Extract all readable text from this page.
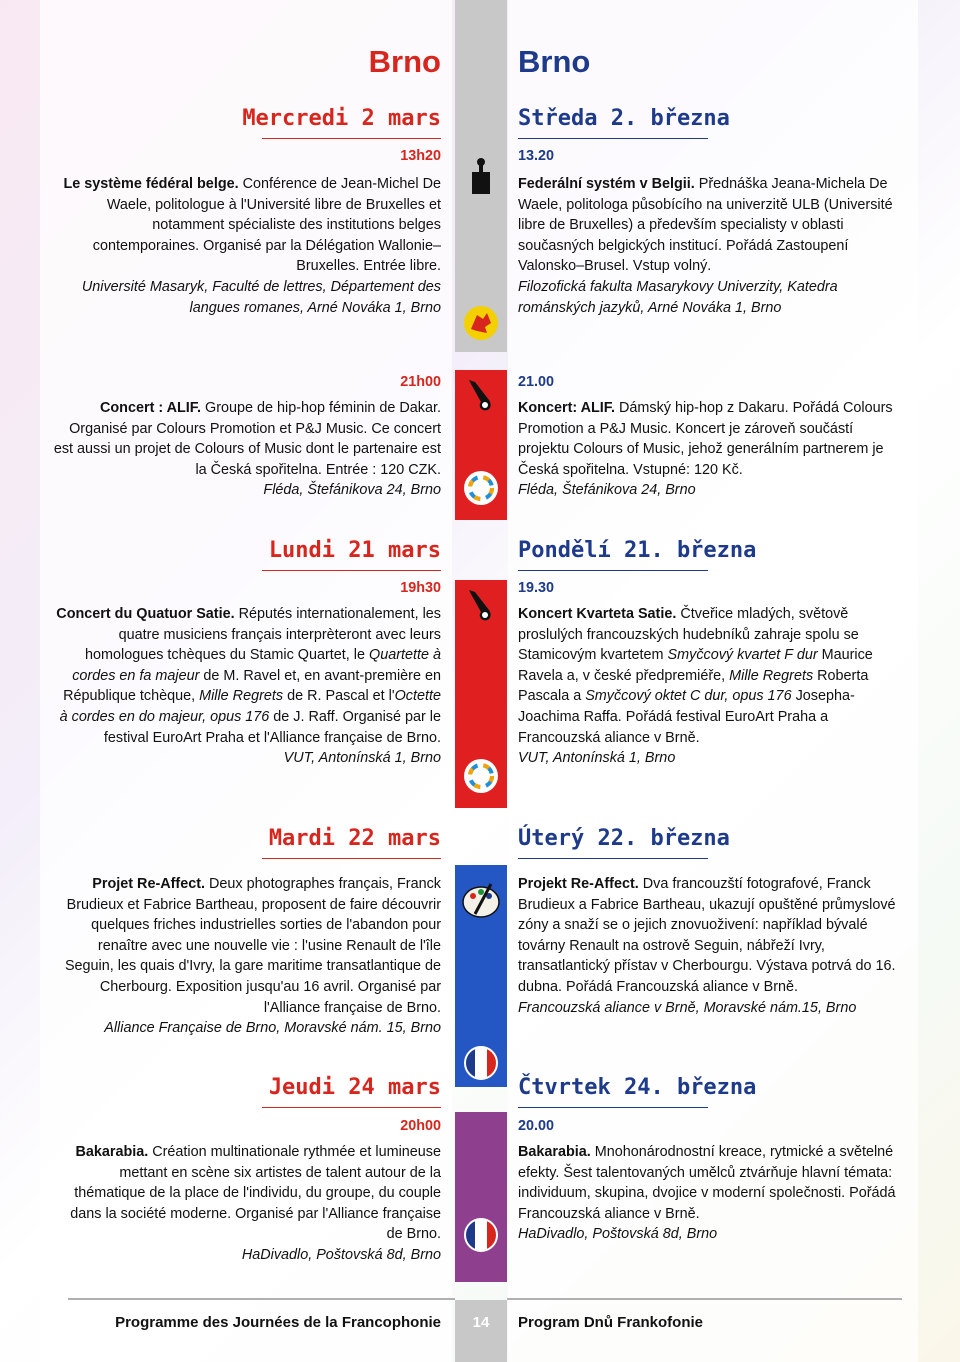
Brno Brno
Mercredi 2 mars	Středa 2. března
13h20	13.20
Le système fédéral belge. Conférence de Jean-Michel De Waele, politologue à l'Université libre de Bruxelles et notamment spécialiste des institutions belges contemporaines. Organisé par la Délégation Wallonie–Bruxelles. Entrée libre.
Université Masaryk, Faculté de lettres, Département des langues romanes, Arné Nováka 1, Brno
Federální systém v Belgii. Přednáška Jeana-Michela De Waele, politologa působícího na univerzitě ULB (Université libre de Bruxelles) a především specialisty v oblasti současných belgických institucí. Pořádá Zastoupení Valonsko–Brusel. Vstup volný.
Filozofická fakulta Masarykovy Univerzity, Katedra románských jazyků, Arné Nováka 1, Brno
21h00	21.00
Concert : ALIF. Groupe de hip-hop féminin de Dakar. Organisé par Colours Promotion et P&J Music. Ce concert est aussi un projet de Colours of Music dont le partenaire est la Česká spořitelna. Entrée : 120 CZK.
Fléda, Štefánikova 24, Brno
Koncert: ALIF. Dámský hip-hop z Dakaru. Pořádá Colours Promotion a P&J Music. Koncert je zároveň součástí projektu Colours of Music, jehož generálním partnerem je Česká spořitelna. Vstupné: 120 Kč.
Fléda, Štefánikova 24, Brno
Lundi 21 mars	Pondělí 21. března
19h30	19.30
Concert du Quatuor Satie. Réputés internationalement, les quatre musiciens français interprèteront avec leurs homologues tchèques du Stamic Quartet, le Quartette à cordes en fa majeur de M. Ravel et, en avant-première en République tchèque, Mille Regrets de R. Pascal et l'Octette à cordes en do majeur, opus 176 de J. Raff. Organisé par le festival EuroArt Praha et l'Alliance française de Brno.
VUT, Antonínská 1, Brno
Koncert Kvarteta Satie. Čtveřice mladých, světově proslulých francouzských hudebníků zahraje spolu se Stamicovým kvartetem Smyčcový kvartet F dur Maurice Ravela a, v české předpremiéře, Mille Regrets Roberta Pascala a Smyčcový oktet C dur, opus 176 Josepha-Joachima Raffa. Pořádá festival EuroArt Praha a Francouzská aliance v Brně.
VUT, Antonínská 1, Brno
Mardi 22 mars	Úterý 22. března
Projet Re-Affect. Deux photographes français, Franck Brudieux et Fabrice Bartheau, proposent de faire découvrir quelques friches industrielles sorties de l'abandon pour renaître avec une nouvelle vie : l'usine Renault de l'île Seguin, les quais d'Ivry, la gare maritime transatlantique de Cherbourg. Exposition jusqu'au 16 avril. Organisé par l'Alliance française de Brno.
Alliance Française de Brno, Moravské nám. 15, Brno
Projekt Re-Affect. Dva francouzští fotografové, Franck Brudieux a Fabrice Bartheau, ukazují opuštěné průmyslové zóny a snaží se o jejich znovuoživení: například bývalé továrny Renault na ostrově Seguin, nábřeží Ivry, transatlantický přístav v Cherbourgu. Výstava potrvá do 16. dubna. Pořádá Francouzská aliance v Brně.
Francouzská aliance v Brně, Moravské nám.15, Brno
Jeudi 24 mars	Čtvrtek 24. března
20h00	20.00
Bakarabia. Création multinationale rythmée et lumineuse mettant en scène six artistes de talent autour de la thématique de la place de l'individu, du groupe, du couple dans la société moderne. Organisé par l'Alliance française de Brno.
HaDivadlo, Poštovská 8d, Brno
Bakarabia. Mnohonárodnostní kreace, rytmické a světelné efekty. Šest talentovaných umělců ztvárňuje hlavní témata: individuum, skupina, dvojice v moderní společnosti. Pořádá Francouzská aliance v Brně.
HaDivadlo, Poštovská 8d, Brno
Programme des Journées de la Francophonie	14	Program Dnů Frankofonie
